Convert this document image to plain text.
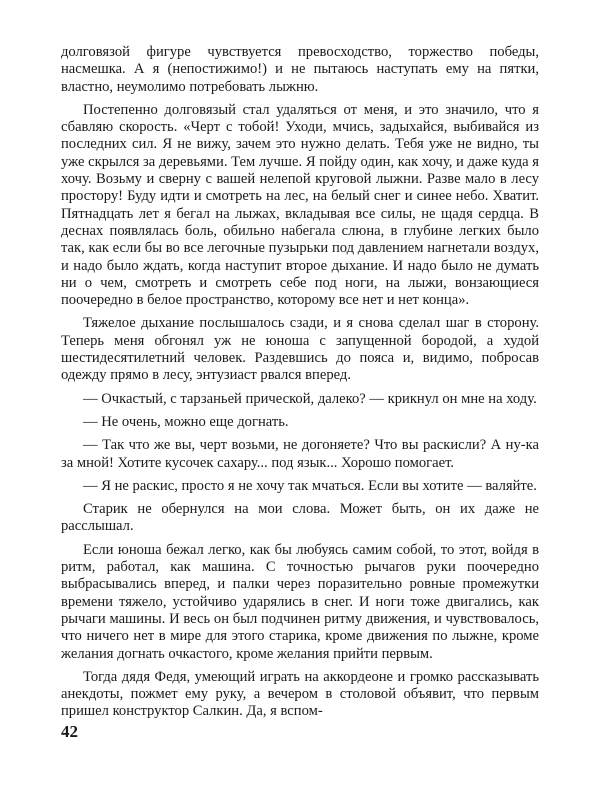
долговязой фигуре чувствуется превосходство, торжество победы, насмешка. А я (непостижимо!) и не пытаюсь наступать ему на пятки, властно, неумолимо потребовать лыжню.

Постепенно долговязый стал удаляться от меня, и это значило, что я сбавляю скорость. «Черт с тобой! Уходи, мчись, задыхайся, выбивайся из последних сил. Я не вижу, зачем это нужно делать. Тебя уже не видно, ты уже скрылся за деревьями. Тем лучше. Я пойду один, как хочу, и даже куда я хочу. Возьму и сверну с вашей нелепой круговой лыжни. Разве мало в лесу простору! Буду идти и смотреть на лес, на белый снег и синее небо. Хватит. Пятнадцать лет я бегал на лыжах, вкладывая все силы, не щадя сердца. В деснах появлялась боль, обильно набегала слюна, в глубине легких было так, как если бы во все легочные пузырьки под давлением нагнетали воздух, и надо было ждать, когда наступит второе дыхание. И надо было не думать ни о чем, смотреть и смотреть себе под ноги, на лыжи, вонзающиеся поочередно в белое пространство, которому все нет и нет конца».

Тяжелое дыхание послышалось сзади, и я снова сделал шаг в сторону. Теперь меня обгонял уж не юноша с запущенной бородой, а худой шестидесятилетний человек. Раздевшись до пояса и, видимо, побросав одежду прямо в лесу, энтузиаст рвался вперед.

— Очкастый, с тарзаньей прической, далеко? — крикнул он мне на ходу.

— Не очень, можно еще догнать.

— Так что же вы, черт возьми, не догоняете? Что вы раскисли? А ну-ка за мной! Хотите кусочек сахару... под язык... Хорошо помогает.

— Я не раскис, просто я не хочу так мчаться. Если вы хотите — валяйте.

Старик не обернулся на мои слова. Может быть, он их даже не расслышал.

Если юноша бежал легко, как бы любуясь самим собой, то этот, войдя в ритм, работал, как машина. С точностью рычагов руки поочередно выбрасывались вперед, и палки через поразительно ровные промежутки времени тяжело, устойчиво ударялись в снег. И ноги тоже двигались, как рычаги машины. И весь он был подчинен ритму движения, и чувствовалось, что ничего нет в мире для этого старика, кроме движения по лыжне, кроме желания догнать очкастого, кроме желания прийти первым.

Тогда дядя Федя, умеющий играть на аккордеоне и громко рассказывать анекдоты, пожмет ему руку, а вечером в столовой объявит, что первым пришел конструктор Салкин. Да, я вспом-

42
